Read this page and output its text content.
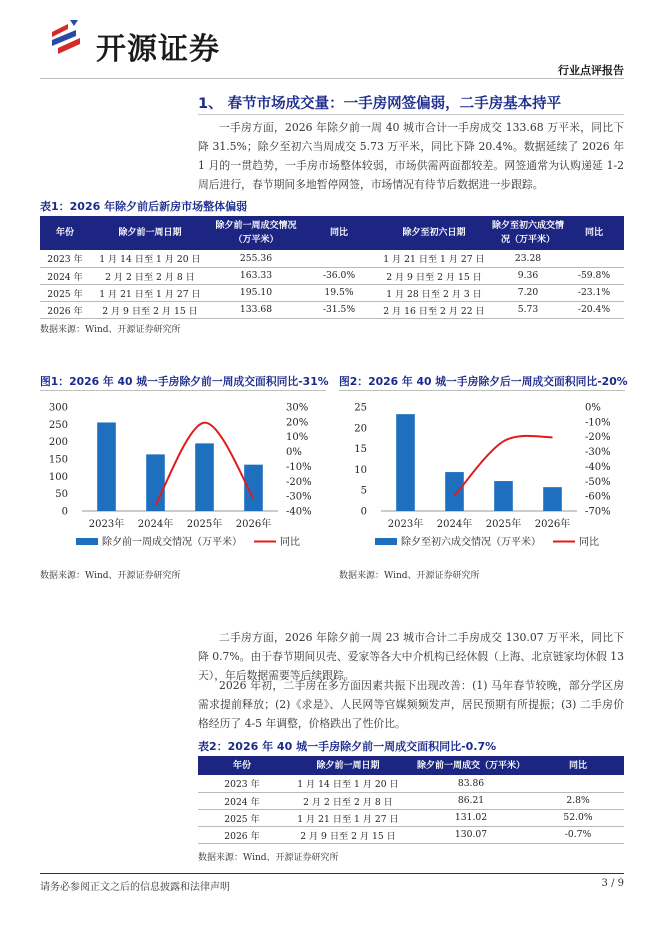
开源证券
行业点评报告
1、 春节市场成交量：一手房网签偏弱，二手房基本持平
一手房方面，2026 年除夕前一周 40 城市合计一手房成交 133.68 万平米，同比下降 31.5%；除夕至初六当周成交 5.73 万平米，同比下降 20.4%。数据延续了 2026 年 1 月的一贯趋势，一手房市场整体较弱，市场供需两面都较差。网签通常为认购递延 1-2 周后进行，春节期间多地暂停网签，市场情况有待节后数据进一步跟踪。
表1：2026 年除夕前后新房市场整体偏弱
年份	除夕前一周日期	除夕前一周成交情况（万平米）	同比	除夕至初六日期	除夕至初六成交情况（万平米）	同比
2023 年	1 月 14 日至 1 月 20 日	255.36		1 月 21 日至 1 月 27 日	23.28	
2024 年	2 月 2 日至 2 月 8 日	163.33	-36.0%	2 月 9 日至 2 月 15 日	9.36	-59.8%
2025 年	1 月 21 日至 1 月 27 日	195.10	19.5%	1 月 28 日至 2 月 3 日	7.20	-23.1%
2026 年	2 月 9 日至 2 月 15 日	133.68	-31.5%	2 月 16 日至 2 月 22 日	5.73	-20.4%
数据来源：Wind、开源证券研究所
图1：2026 年 40 城一手房除夕前一周成交面积同比-31%
0
50
100
150
200
250
300
-40%
-30%
-20%
-10%
0%
10%
20%
30%
2023年 2024年 2025年 2026年
除夕前一周成交情况（万平米）	同比
数据来源：Wind、开源证券研究所
图2：2026 年 40 城一手房除夕后一周成交面积同比-20%
0
5
10
15
20
25
-70%
-60%
-50%
-40%
-30%
-20%
-10%
0%
2023年 2024年 2025年 2026年
除夕至初六成交情况（万平米）	同比
数据来源：Wind、开源证券研究所
二手房方面，2026 年除夕前一周 23 城市合计二手房成交 130.07 万平米，同比下降 0.7%。由于春节期间贝壳、爱家等各大中介机构已经休假（上海、北京链家均休假 13 天），年后数据需要等后续跟踪。
2026 年初，二手房在多方面因素共振下出现改善：(1) 马年春节较晚，部分学区房需求提前释放；(2)《求是》、人民网等官媒频频发声，居民预期有所提振；(3) 二手房价格经历了 4-5 年调整，价格跌出了性价比。
表2：2026 年 40 城一手房除夕前一周成交面积同比-0.7%
年份	除夕前一周日期	除夕前一周成交（万平米）	同比
2023 年	1 月 14 日至 1 月 20 日	83.86	
2024 年	2 月 2 日至 2 月 8 日	86.21	2.8%
2025 年	1 月 21 日至 1 月 27 日	131.02	52.0%
2026 年	2 月 9 日至 2 月 15 日	130.07	-0.7%
数据来源：Wind、开源证券研究所
请务必参阅正文之后的信息披露和法律声明	3 / 9
